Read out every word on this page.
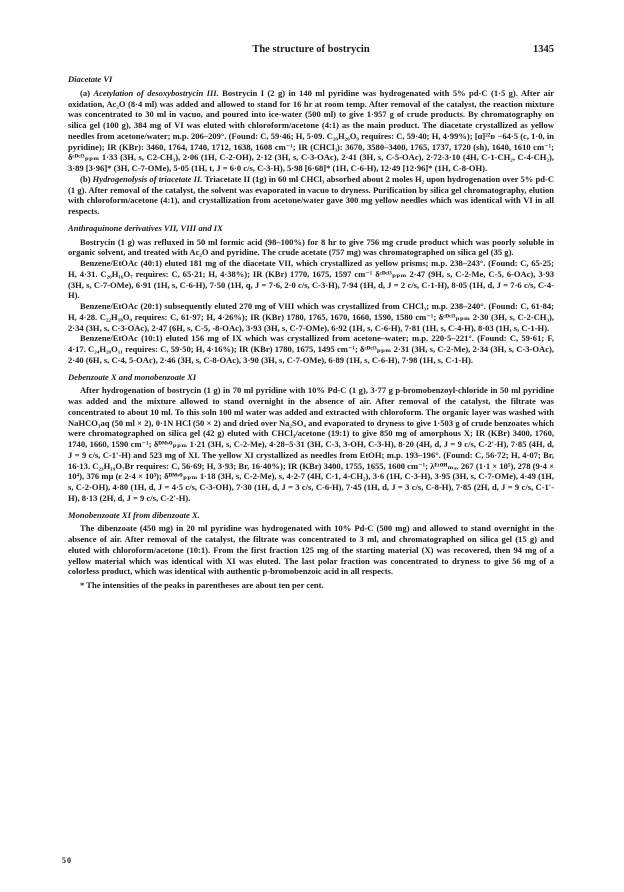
The structure of bostrycin	1345
Diacetate VI

(a) Acetylation of desoxybostrycin III. Bostrycin I (2 g) in 140 ml pyridine was hydrogenated with 5% pd-C (1·5 g). After air oxidation, Ac₂O (8·4 ml) was added and allowed to stand for 16 hr at room temp. After removal of the catalyst, the reaction mixture was concentrated to 30 ml in vacuo, and poured into ice-water (500 ml) to give 1·957 g of crude products. By chromatography on silica gel (100 g), 384 mg of VI was eluted with chloroform/acetone (4:1) as the main product. The diacetate crystallized as yellow needles from acetone/water; m.p. 206–209°. (Found: C, 59·46; H, 5·09. C₂₀H₂₀O₉ requires: C, 59·40; H, 4·99%); [α]²²ᴅ −64·5 (c, 1·0, in pyridine); IR (KBr): 3460, 1764, 1740, 1712, 1638, 1608 cm⁻¹; IR (CHCl₃): 3670, 3580–3400, 1765, 1737, 1720 (sh), 1640, 1610 cm⁻¹; δᶜᴰᶜˡ³ₚₚₘ 1·33 (3H, s, C2-CH₃), 2·06 (1H, C-2-OH), 2·12 (3H, s, C-3-OAc), 2·41 (3H, s, C-5-OAc), 2·72-3·10 (4H, C-1-CH₂, C-4-CH₂), 3·89 [3·96]* (3H, C-7-OMe), 5·05 (1H, t, J = 6·0 c/s, C-3-H), 5·98 [6·68]* (1H, C-6-H), 12·49 [12·96]* (1H, C-8-OH).

(b) Hydrogenolysis of triacetate II. Triacetate II (1g) in 60 ml CHCl₃ absorbed about 2 moles H₂ upon hydrogenation over 5% pd-C (1 g). After removal of the catalyst, the solvent was evaporated in vacuo to dryness. Purification by silica gel chromatography, elution with chloroform/acetone (4:1), and crystallization from acetone/water gave 300 mg yellow needles which was identical with VI in all respects.

Anthraquinone derivatives VII, VIII and IX

Bostrycin (1 g) was refluxed in 50 ml formic acid (98–100%) for 8 hr to give 756 mg crude product which was poorly soluble in organic solvent, and treated with Ac₂O and pyridine. The crude acetate (757 mg) was chromatographed on silica gel (35 g).

Benzene/EtOAc (40:1) eluted 181 mg of the diacetate VII, which crystallized as yellow prisms; m.p. 238–243°. (Found: C, 65·25; H, 4·31. C₂₀H₁₆O₇ requires: C, 65·21; H, 4·38%); IR (KBr) 1770, 1675, 1597 cm⁻¹ δᶜᴰᶜˡ³ₚₚₘ 2·47 (9H, s, C-2-Me, C-5, 6-OAc), 3·93 (3H, s, C-7-OMe), 6·91 (1H, s, C-6-H), 7·50 (1H, q, J = 7·6, 2·0 c/s, C-3-H), 7·94 (1H, d, J = 2 c/s, C-1-H), 8·05 (1H, d, J = 7·6 c/s, C-4-H).

Benzene/EtOAc (20:1) subsequently eluted 270 mg of VIII which was crystallized from CHCl₃; m.p. 238–240°. (Found: C, 61·84; H, 4·28. C₂₂H₁₈O₉ requires: C, 61·97; H, 4·26%); IR (KBr) 1780, 1765, 1670, 1660, 1590, 1580 cm⁻¹; δᶜᴰᶜˡ³ₚₚₘ 2·30 (3H, s, C-2-CH₃), 2·34 (3H, s, C-3-OAc), 2·47 (6H, s, C-5, -8-OAc), 3·93 (3H, s, C-7-OMe), 6·92 (1H, s, C-6-H), 7·81 (1H, s, C-4-H), 8·03 (1H, s, C-1-H).

Benzene/EtOAc (10:1) eluted 156 mg of IX which was crystallized from acetone–water; m.p. 220·5–221°. (Found: C, 59·61; F, 4·17. C₂₄H₂₀O₁₁ requires: C, 59·50; H, 4·16%); IR (KBr) 1780, 1675, 1495 cm⁻¹; δᶜᴰᶜˡ³ₚₚₘ 2·31 (3H, s, C-2-Me), 2·34 (3H, s, C-3-OAc), 2·40 (6H, s, C-4, 5-OAc), 2·46 (3H, s, C-8-OAc), 3·90 (3H, s, C-7-OMe), 6·89 (1H, s, C-6-H), 7·98 (1H, s, C-1-H).

Debenzoate X and monobenzoate XI

After hydrogenation of bostrycin (1 g) in 70 ml pyridine with 10% Pd-C (1 g), 3·77 g p-bromobenzoyl-chloride in 50 ml pyridine was added and the mixture allowed to stand overnight in the absence of air. After removal of the catalyst, the filtrate was concentrated to about 10 ml. To this soln 100 ml water was added and extracted with chloroform. The organic layer was washed with NaHCO₃aq (50 ml × 2), 0·1N HCl (50 × 2) and dried over Na₂SO₄ and evaporated to dryness to give 1·503 g of crude benzoates which were chromatographed on silica gel (42 g) eluted with CHCl₃/acetone (19:1) to give 850 mg of amorphous X; IR (KBr) 3400, 1760, 1740, 1660, 1590 cm⁻¹; δᴰᴹˢᴼₚₚₘ 1·21 (3H, s, C-2-Me), 4·28–5·31 (3H, C-3, 3-OH, C-3-H), 8·20 (4H, d, J = 9 c/s, C-2'-H), 7·85 (4H, d, J = 9 c/s, C-1'-H) and 523 mg of XI. The yellow XI crystallized as needles from EtOH; m.p. 193–196°. (Found: C, 56·72; H, 4·07; Br, 16·13. C₂₃H₁₉O₇Br requires: C, 56·69; H, 3·93; Br, 16·40%); IR (KBr) 3400, 1755, 1655, 1600 cm⁻¹; λᴱᵗᴼᴴₘₐₓ 267 (1·1 × 10⁵), 278 (9·4 × 10⁴), 376 mμ (ε 2·4 × 10³); δᴰᴹˢᴼₚₚₘ 1·18 (3H, s, C-2-Me), s, 4·2-7 (4H, C-1, 4-CH₂), 3·6 (1H, C-3-H), 3·95 (3H, s, C-7-OMe), 4·49 (1H, s, C-2-OH), 4·80 (1H, d, J = 4·5 c/s, C-3-OH), 7·30 (1H, d, J = 3 c/s, C-6-H), 7·45 (1H, d, J = 3 c/s, C-8-H), 7·85 (2H, d, J = 9 c/s, C-1'-H), 8·13 (2H, d, J = 9 c/s, C-2'-H).

Monobenzoate XI from dibenzoate X.

The dibenzoate (450 mg) in 20 ml pyridine was hydrogenated with 10% Pd-C (500 mg) and allowed to stand overnight in the absence of air. After removal of the catalyst, the filtrate was concentrated to 3 ml, and chromatographed on silica gel (15 g) and eluted with chloroform/acetone (10:1). From the first fraction 125 mg of the starting material (X) was recovered, then 94 mg of a yellow material which was identical with XI was eluted. The last polar fraction was concentrated to dryness to give 56 mg of a colorless product, which was identical with authentic p-bromobenzoic acid in all respects.

* The intensities of the peaks in parentheses are about ten per cent.

50
